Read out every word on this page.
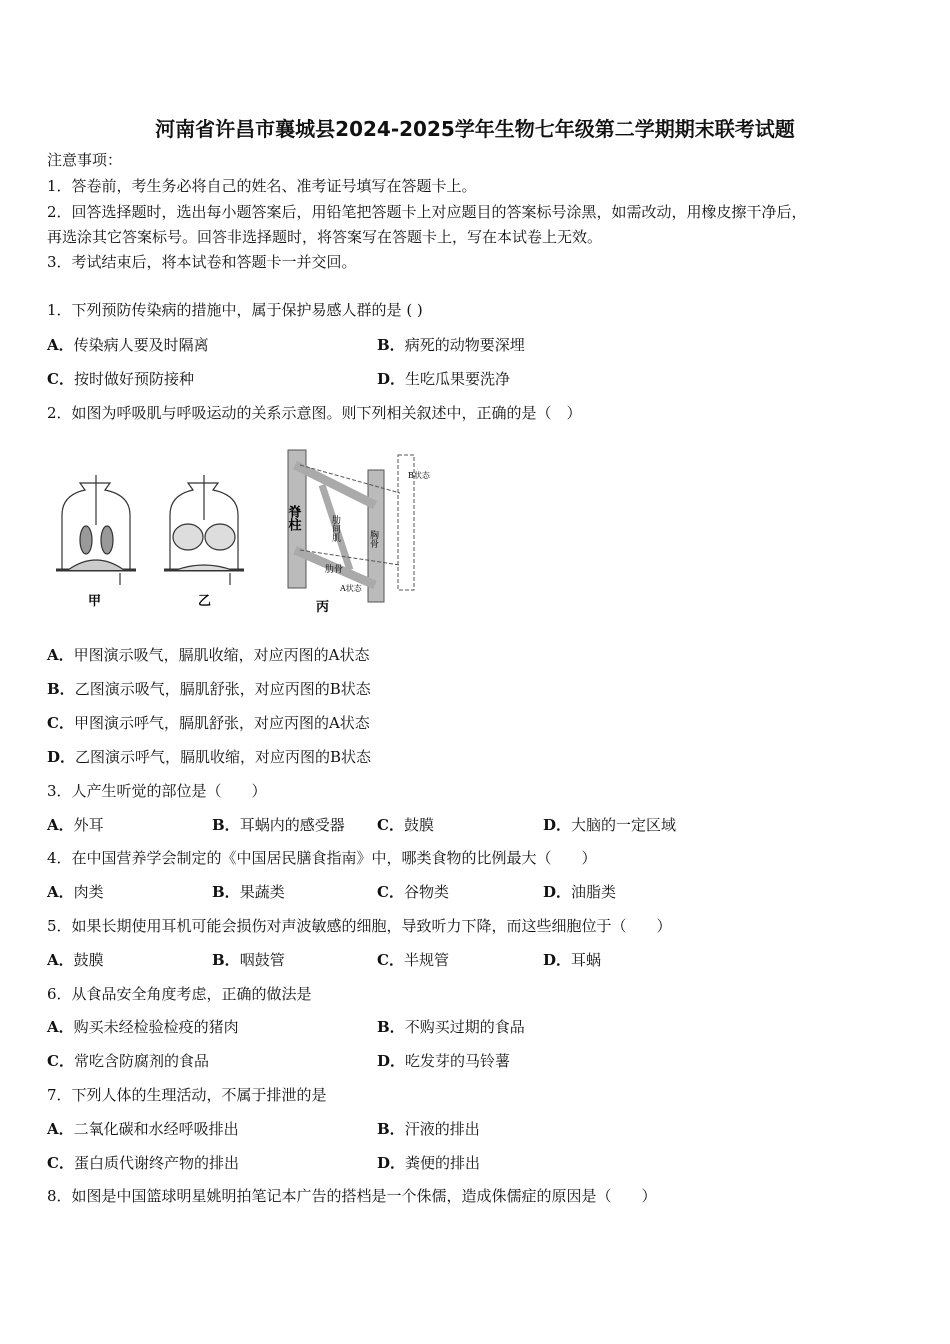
河南省许昌市襄城县2024-2025学年生物七年级第二学期期末联考试题
注意事项：
1．答卷前，考生务必将自己的姓名、准考证号填写在答题卡上。
2．回答选择题时，选出每小题答案后，用铅笔把答题卡上对应题目的答案标号涂黑，如需改动，用橡皮擦干净后，
再选涂其它答案标号。回答非选择题时，将答案写在答题卡上，写在本试卷上无效。
3．考试结束后，将本试卷和答题卡一并交回。
1．下列预防传染病的措施中，属于保护易感人群的是 ( )
A．传染病人要及时隔离	B．病死的动物要深埋
C．按时做好预防接种	D．生吃瓜果要洗净
2．如图为呼吸肌与呼吸运动的关系示意图。则下列相关叙述中，正确的是（　）
A．甲图演示吸气，膈肌收缩，对应丙图的A状态
B．乙图演示吸气，膈肌舒张，对应丙图的B状态
C．甲图演示呼气，膈肌舒张，对应丙图的A状态
D．乙图演示呼气，膈肌收缩，对应丙图的B状态
3．人产生听觉的部位是（　　）
A．外耳	B．耳蜗内的感受器 C．鼓膜	D．大脑的一定区域
4．在中国营养学会制定的《中国居民膳食指南》中，哪类食物的比例最大（　　）
A．肉类	B．果蔬类	C．谷物类	D．油脂类
5．如果长期使用耳机可能会损伤对声波敏感的细胞，导致听力下降，而这些细胞位于（　　）
A．鼓膜	B．咽鼓管	C．半规管	D．耳蜗
6．从食品安全角度考虑，正确的做法是
A．购买未经检验检疫的猪肉	B．不购买过期的食品
C．常吃含防腐剂的食品	D．吃发芽的马铃薯
7．下列人体的生理活动，不属于排泄的是
A．二氧化碳和水经呼吸排出	B．汗液的排出
C．蛋白质代谢终产物的排出	D．粪便的排出
8．如图是中国篮球明星姚明拍笔记本广告的搭档是一个侏儒，造成侏儒症的原因是（　　）
脊柱	肋间肌	胸骨
肋骨
A状态
B状态
甲	乙	丙
